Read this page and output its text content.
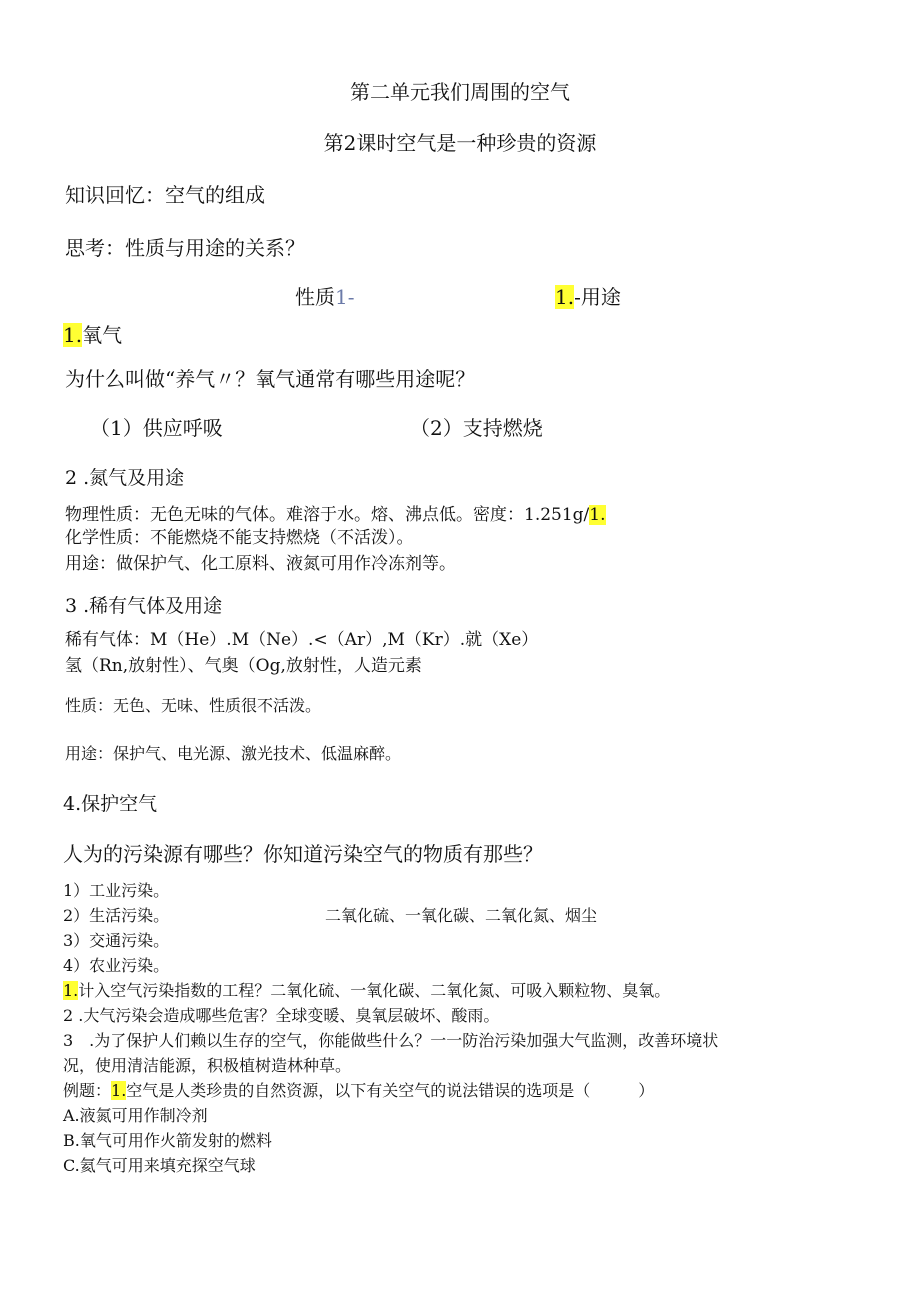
第二单元我们周围的空气
第2课时空气是一种珍贵的资源
知识回忆：空气的组成
思考：性质与用途的关系？
性质1-	1.-用途
1.氧气
为什么叫做“养气〃？氧气通常有哪些用途呢？
（1）供应呼吸	（2）支持燃烧
2 .氮气及用途
物理性质：无色无味的气体。难溶于水。熔、沸点低。密度：1.251g/1.
化学性质：不能燃烧不能支持燃烧（不活泼）。
用途：做保护气、化工原料、液氮可用作冷冻剂等。
3 .稀有气体及用途
稀有气体：M（He）.M（Ne）.<（Ar）,M（Kr）.就（Xe）
氢（Rn,放射性）、气奥（Og,放射性，人造元素
性质：无色、无味、性质很不活泼。
用途：保护气、电光源、激光技术、低温麻醉。
4.保护空气
人为的污染源有哪些？你知道污染空气的物质有那些？
1）工业污染。
2）生活污染。	二氧化硫、一氧化碳、二氧化氮、烟尘
3）交通污染。
4）农业污染。
1.计入空气污染指数的工程？二氧化硫、一氧化碳、二氧化氮、可吸入颗粒物、臭氧。
2 .大气污染会造成哪些危害？全球变暖、臭氧层破坏、酸雨。
3　.为了保护人们赖以生存的空气，你能做些什么？一一防治污染加强大气监测，改善环境状
况，使用清洁能源，积极植树造林种草。
例题：1.空气是人类珍贵的自然资源，以下有关空气的说法错误的选项是（　　　）
A.液氮可用作制冷剂
B.氧气可用作火箭发射的燃料
C.氦气可用来填充探空气球
